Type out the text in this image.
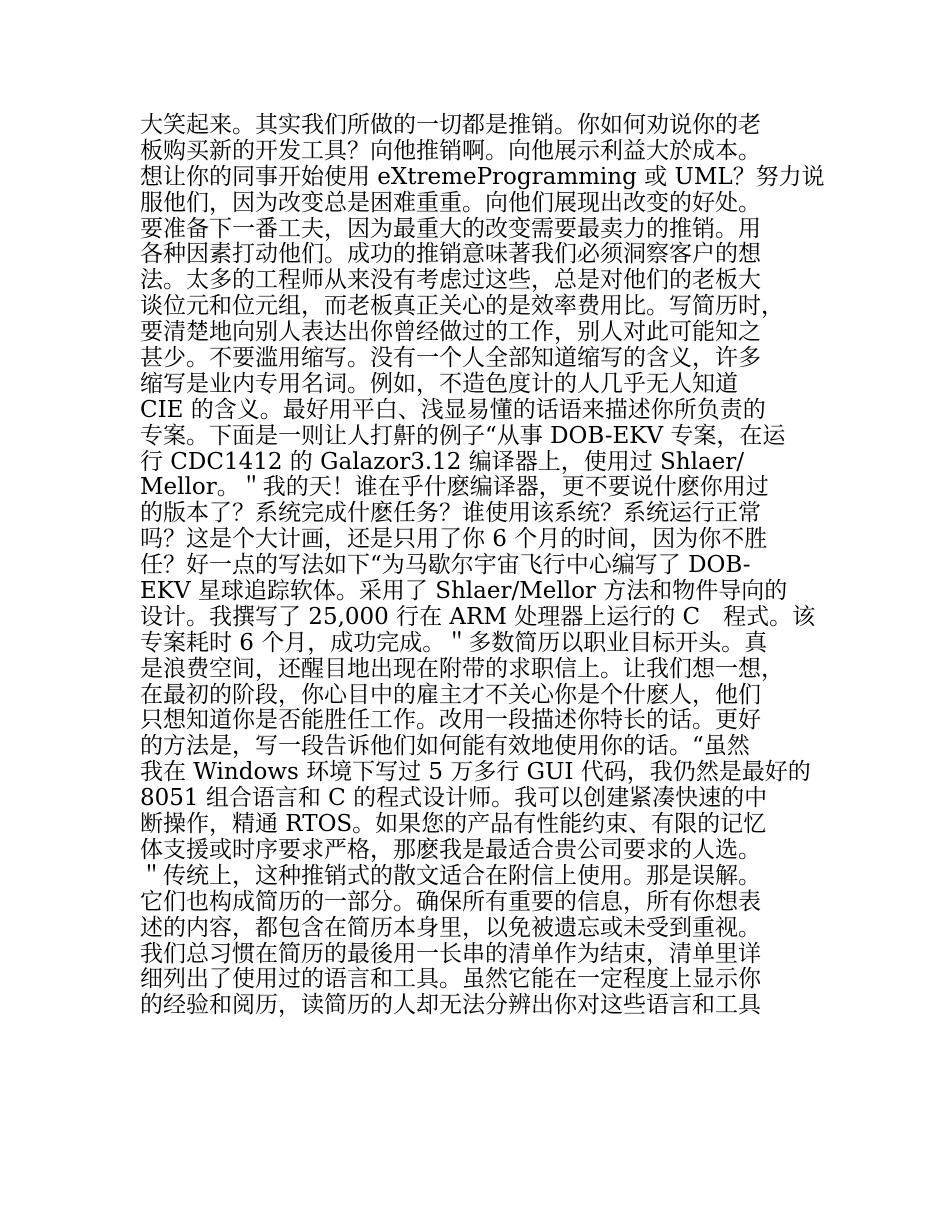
大笑起来。其实我们所做的一切都是推销。你如何劝说你的老
板购买新的开发工具？向他推销啊。向他展示利益大於成本。
想让你的同事开始使用 eXtremeProgramming 或 UML？努力说
服他们，因为改变总是困难重重。向他们展现出改变的好处。
要准备下一番工夫，因为最重大的改变需要最卖力的推销。用
各种因素打动他们。成功的推销意味著我们必须洞察客户的想
法。太多的工程师从来没有考虑过这些，总是对他们的老板大
谈位元和位元组，而老板真正关心的是效率费用比。写简历时，
要清楚地向别人表达出你曾经做过的工作，别人对此可能知之
甚少。不要滥用缩写。没有一个人全部知道缩写的含义，许多
缩写是业内专用名词。例如，不造色度计的人几乎无人知道
CIE 的含义。最好用平白、浅显易懂的话语来描述你所负责的
专案。下面是一则让人打鼾的例子“从事 DOB-EKV 专案，在运
行 CDC1412 的 Galazor3.12 编译器上，使用过 Shlaer/
Mellor。＂我的天！谁在乎什麽编译器，更不要说什麽你用过
的版本了？系统完成什麽任务？谁使用该系统？系统运行正常
吗？这是个大计画，还是只用了你 6 个月的时间，因为你不胜
任？好一点的写法如下“为马歇尔宇宙飞行中心编写了 DOB-
EKV 星球追踪软体。采用了 Shlaer/Mellor 方法和物件导向的
设计。我撰写了 25,000 行在 ARM 处理器上运行的 C　程式。该
专案耗时 6 个月，成功完成。＂多数简历以职业目标开头。真
是浪费空间，还醒目地出现在附带的求职信上。让我们想一想，
在最初的阶段，你心目中的雇主才不关心你是个什麽人，他们
只想知道你是否能胜任工作。改用一段描述你特长的话。更好
的方法是，写一段告诉他们如何能有效地使用你的话。“虽然
我在 Windows 环境下写过 5 万多行 GUI 代码，我仍然是最好的
8051 组合语言和 C 的程式设计师。我可以创建紧凑快速的中
断操作，精通 RTOS。如果您的产品有性能约束、有限的记忆
体支援或时序要求严格，那麽我是最适合贵公司要求的人选。
＂传统上，这种推销式的散文适合在附信上使用。那是误解。
它们也构成简历的一部分。确保所有重要的信息，所有你想表
述的内容，都包含在简历本身里，以免被遗忘或未受到重视。
我们总习惯在简历的最後用一长串的清单作为结束，清单里详
细列出了使用过的语言和工具。虽然它能在一定程度上显示你
的经验和阅历，读简历的人却无法分辨出你对这些语言和工具
